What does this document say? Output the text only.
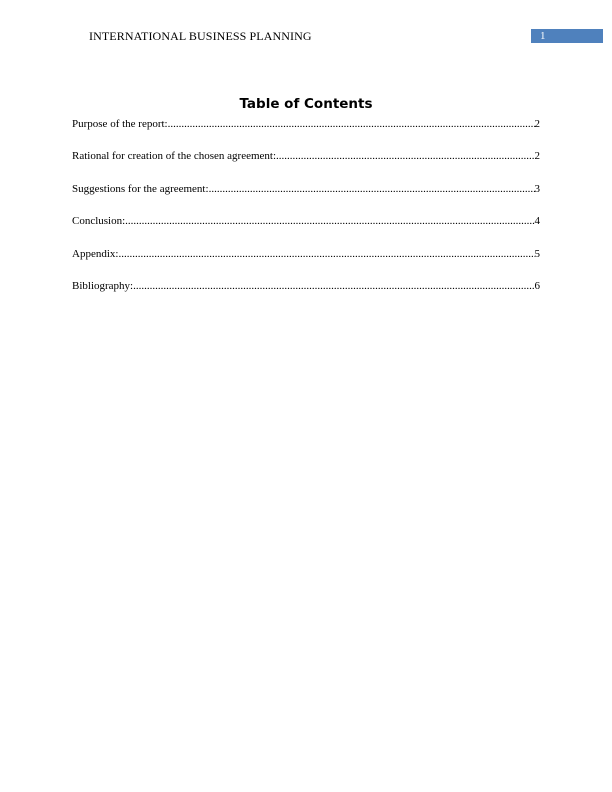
INTERNATIONAL BUSINESS PLANNING	1
Table of Contents
Purpose of the report: .....	2
Rational for creation of the chosen agreement: .....	2
Suggestions for the agreement: .....	3
Conclusion: .....	4
Appendix: .....	5
Bibliography: .....	6
